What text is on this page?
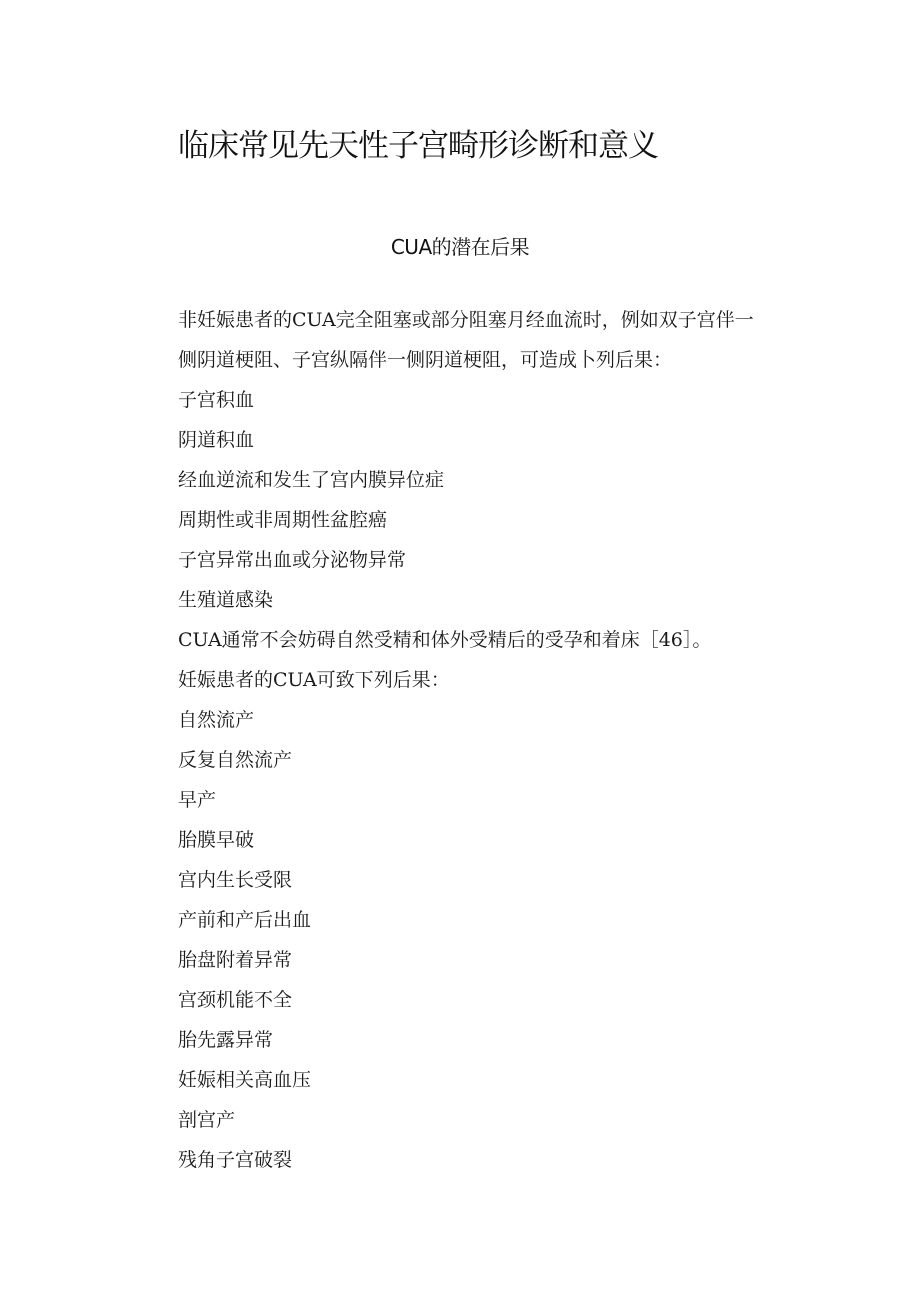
临床常见先天性子宫畸形诊断和意义
CUA的潜在后果

非妊娠患者的CUA完全阻塞或部分阻塞月经血流时，例如双子宫伴一
侧阴道梗阻、子宫纵隔伴一侧阴道梗阻，可造成卜列后果：

子宫积血
阴道积血
经血逆流和发生了宫内膜异位症
周期性或非周期性盆腔癌
子宫异常出血或分泌物异常
生殖道感染
CUA通常不会妨碍自然受精和体外受精后的受孕和着床［46］。
妊娠患者的CUA可致下列后果：
自然流产
反复自然流产
早产
胎膜早破
宫内生长受限
产前和产后出血
胎盘附着异常
宫颈机能不全
胎先露异常
妊娠相关高血压
剖宫产
残角子宫破裂
